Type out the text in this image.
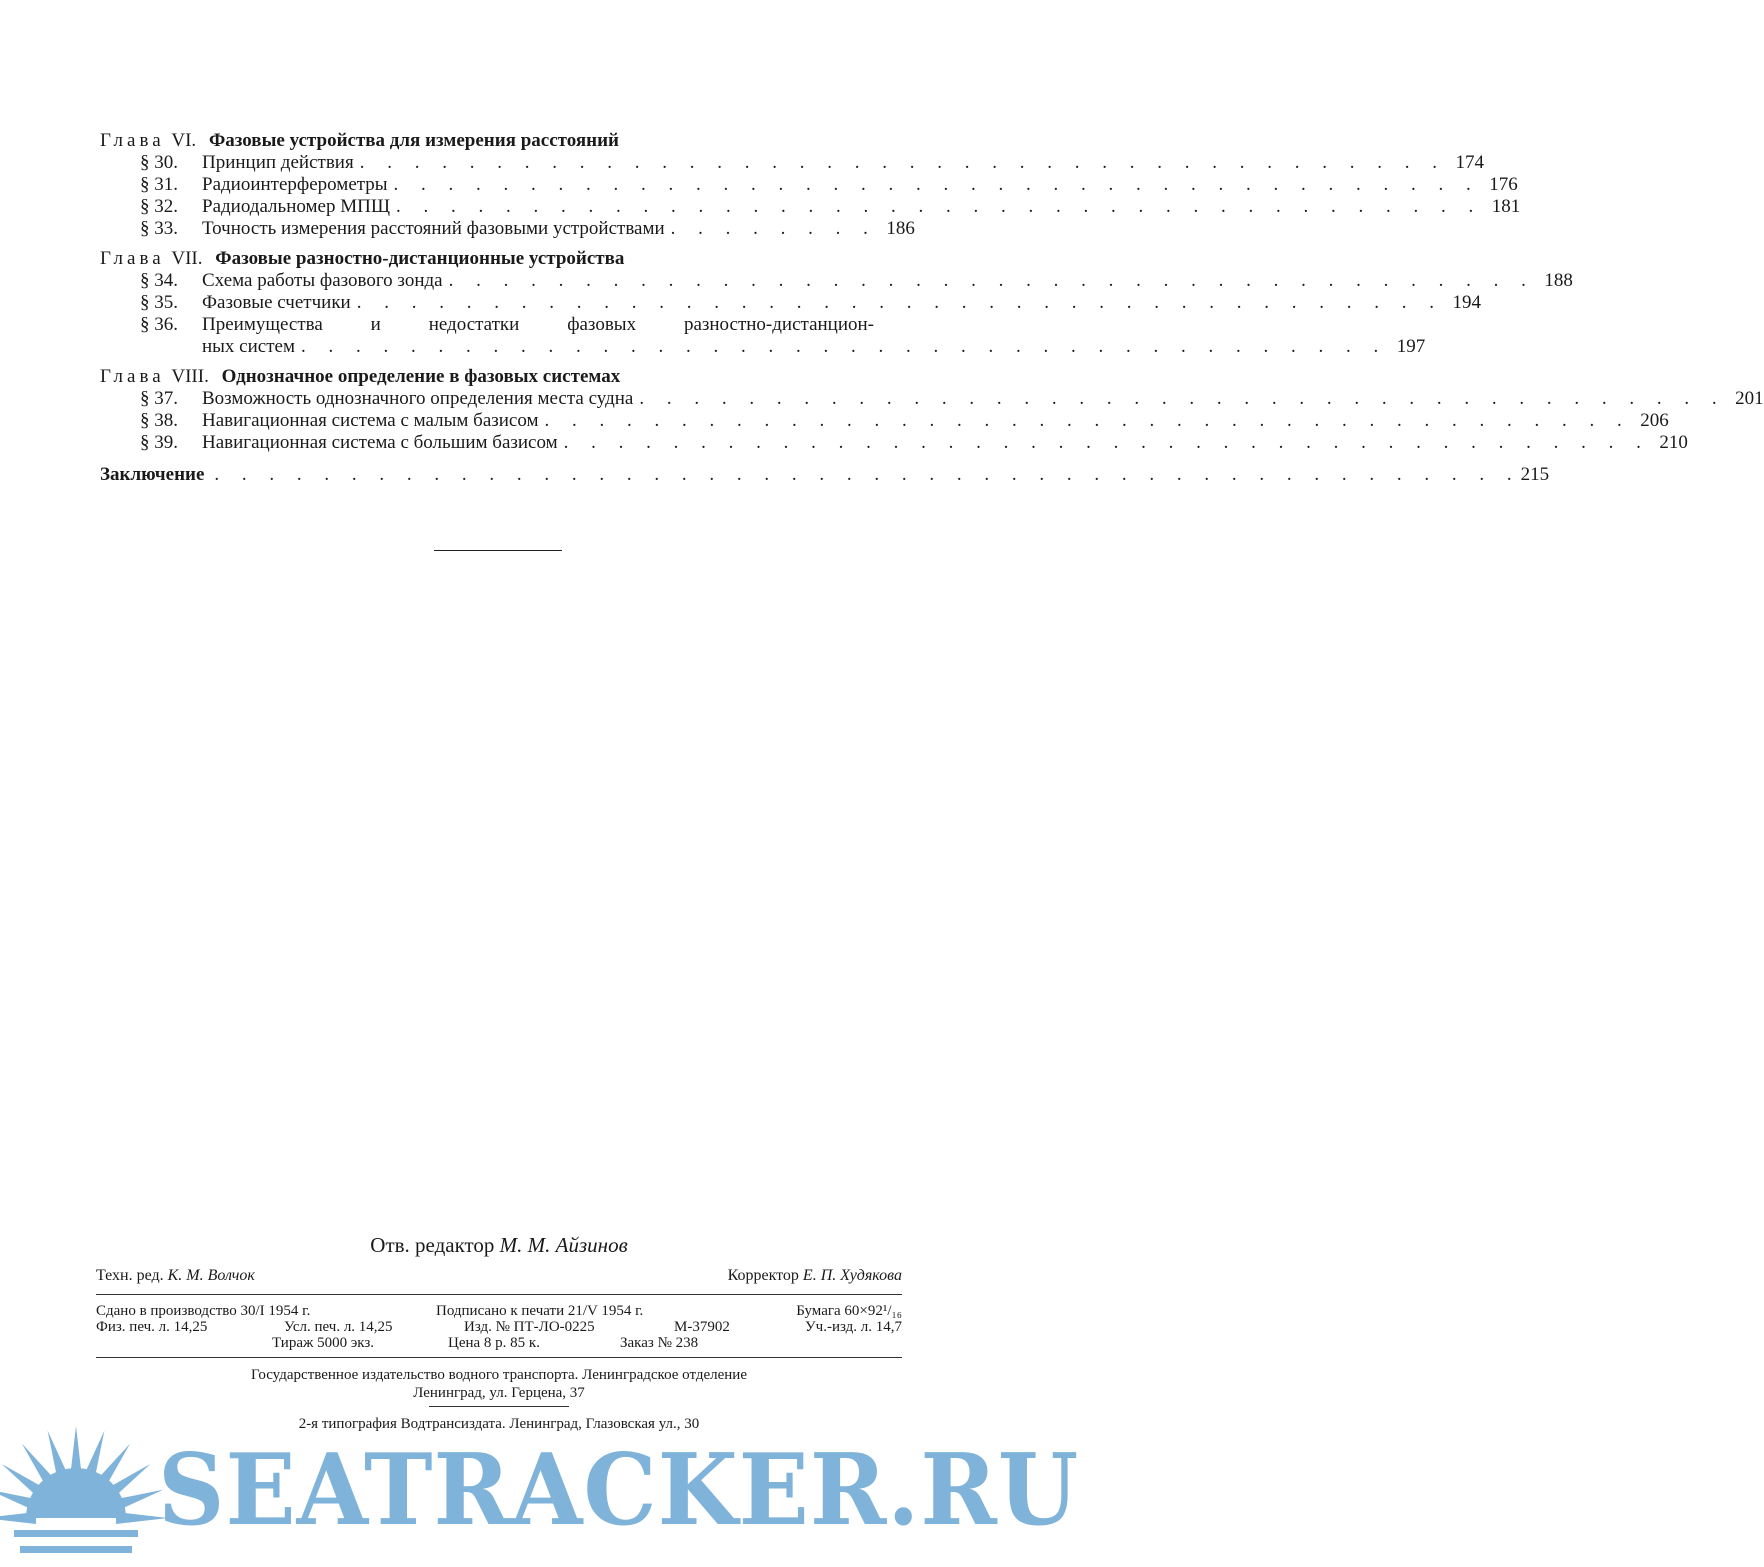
Глава VI. Фазовые устройства для измерения расстояний
§ 30.	Принцип действия . . . . . . . . . . . . . . . . . . . . . . . . . . . . . . . . . . . . . . . . 174
§ 31.	Радиоинтерферометры . . . . . . . . . . . . . . . . . . . . . . . . . . . . . . . . . . . . . . . . 176
§ 32.	Радиодальномер МПЩ . . . . . . . . . . . . . . . . . . . . . . . . . . . . . . . . . . . . . . . . 181
§ 33.	Точность измерения расстояний фазовыми устройствами . . . . . . . . 186
Глава VII. Фазовые разностно-дистанционные устройства
§ 34.	Схема работы фазового зонда . . . . . . . . . . . . . . . . . . . . . . . . . . . . . . . . . . . . . . . . 188
§ 35.	Фазовые счетчики . . . . . . . . . . . . . . . . . . . . . . . . . . . . . . . . . . . . . . . . 194
§ 36.	Преимущества и недостатки фазовых разностно-дистанцион-
ных систем . . . . . . . . . . . . . . . . . . . . . . . . . . . . . . . . . . . . . . . . 197
Глава VIII. Однозначное определение в фазовых системах
§ 37.	Возможность однозначного определения места судна . . . . . . . . . . . . . . . . . . . . . . . . . . . . . . . . . . . . . . . . 201
§ 38.	Навигационная система с малым базисом . . . . . . . . . . . . . . . . . . . . . . . . . . . . . . . . . . . . . . . . 206
§ 39.	Навигационная система с большим базисом . . . . . . . . . . . . . . . . . . . . . . . . . . . . . . . . . . . . . . . . 210
Заключение . . . . . . . . . . . . . . . . . . . . . . . . . . . . . . . . . . . . . . . . . . . . . . . . 215
Отв. редактор М. М. Айзинов
Техн. ред. К. М. Волчок	Корректор Е. П. Худякова
Сдано в производство 30/I 1954 г.	Подписано к печати 21/V 1954 г.	Бумага 60×92¹/₁₆
Физ. печ. л. 14,25	Усл. печ. л. 14,25	Изд. № ПТ-ЛО-0225	М-37902	Уч.-изд. л. 14,7
Тираж 5000 экз.	Цена 8 р. 85 к.	Заказ № 238
Государственное издательство водного транспорта. Ленинградское отделение
Ленинград, ул. Герцена, 37
2-я типография Водтрансиздата. Ленинград, Глазовская ул., 30
SEATRACKER.RU
